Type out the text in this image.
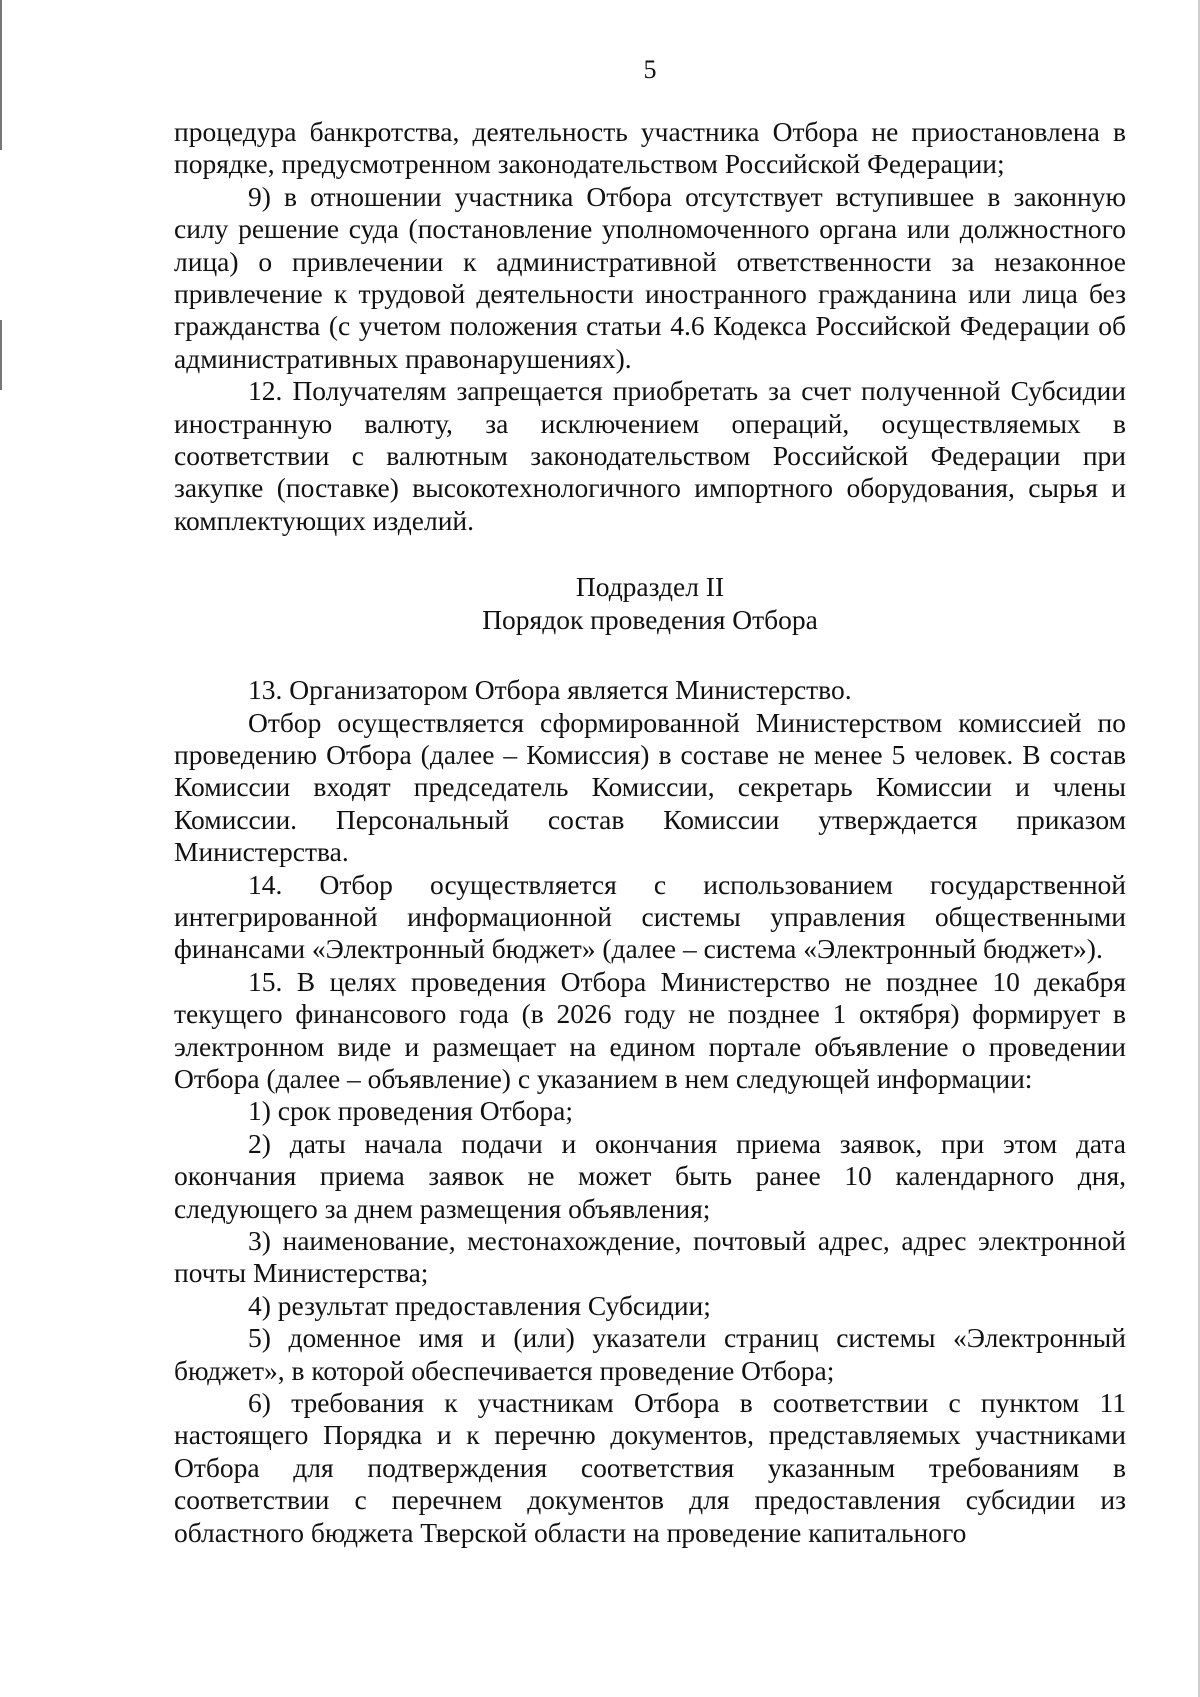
5

процедура банкротства, деятельность участника Отбора не приостановлена в порядке, предусмотренном законодательством Российской Федерации;

9) в отношении участника Отбора отсутствует вступившее в законную силу решение суда (постановление уполномоченного органа или должностного лица) о привлечении к административной ответственности за незаконное привлечение к трудовой деятельности иностранного гражданина или лица без гражданства (с учетом положения статьи 4.6 Кодекса Российской Федерации об административных правонарушениях).

12. Получателям запрещается приобретать за счет полученной Субсидии иностранную валюту, за исключением операций, осуществляемых в соответствии с валютным законодательством Российской Федерации при закупке (поставке) высокотехнологичного импортного оборудования, сырья и комплектующих изделий.

Подраздел II

Порядок проведения Отбора

13. Организатором Отбора является Министерство.

Отбор осуществляется сформированной Министерством комиссией по проведению Отбора (далее – Комиссия) в составе не менее 5 человек. В состав Комиссии входят председатель Комиссии, секретарь Комиссии и члены Комиссии. Персональный состав Комиссии утверждается приказом Министерства.

14. Отбор осуществляется с использованием государственной интегрированной информационной системы управления общественными финансами «Электронный бюджет» (далее – система «Электронный бюджет»).

15. В целях проведения Отбора Министерство не позднее 10 декабря текущего финансового года (в 2026 году не позднее 1 октября) формирует в электронном виде и размещает на едином портале объявление о проведении Отбора (далее – объявление) с указанием в нем следующей информации:

1) срок проведения Отбора;

2) даты начала подачи и окончания приема заявок, при этом дата окончания приема заявок не может быть ранее 10 календарного дня, следующего за днем размещения объявления;

3) наименование, местонахождение, почтовый адрес, адрес электронной почты Министерства;

4) результат предоставления Субсидии;

5) доменное имя и (или) указатели страниц системы «Электронный бюджет», в которой обеспечивается проведение Отбора;

6) требования к участникам Отбора в соответствии с пунктом 11 настоящего Порядка и к перечню документов, представляемых участниками Отбора для подтверждения соответствия указанным требованиям в соответствии с перечнем документов для предоставления субсидии из областного бюджета Тверской области на проведение капитального
